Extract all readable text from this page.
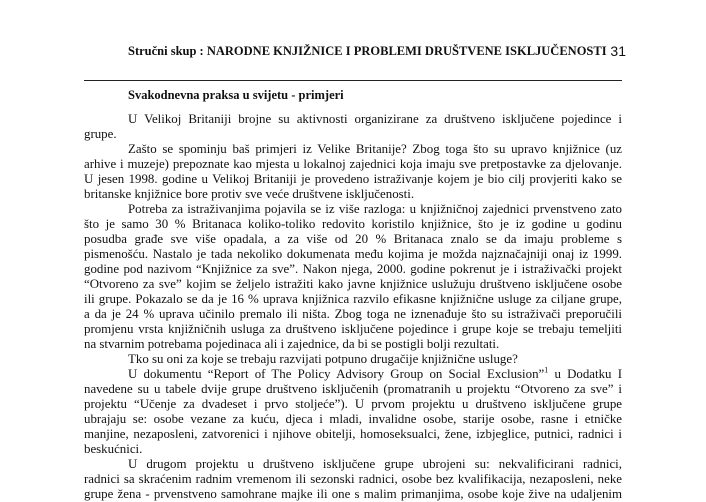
Stručni skup : NARODNE KNJIŽNICE I PROBLEMI DRUŠTVENE ISKLJUČENOSTI 31
Svakodnevna praksa u svijetu - primjeri
U Velikoj Britaniji brojne su aktivnosti organizirane za društveno isključene pojedince i
grupe.
Zašto se spominju baš primjeri iz Velike Britanije? Zbog toga što su upravo knjižnice (uz
arhive i muzeje) prepoznate kao mjesta u lokalnoj zajednici koja imaju sve pretpostavke za djelovanje.
U jesen 1998. godine u Velikoj Britaniji je provedeno istraživanje kojem je bio cilj provjeriti kako se
britanske knjižnice bore protiv sve veće društvene isključenosti.
Potreba za istraživanjima pojavila se iz više razloga: u knjižničnoj zajednici prvenstveno zato
što je samo 30 % Britanaca koliko-toliko redovito koristilo knjižnice, što je iz godine u godinu
posudba građe sve više opadala, a za više od 20 % Britanaca znalo se da imaju probleme s
pismenošću. Nastalo je tada nekoliko dokumenata među kojima je možda najznačajniji onaj iz 1999.
godine pod nazivom “Knjižnice za sve”. Nakon njega, 2000. godine pokrenut je i istraživački projekt
“Otvoreno za sve” kojim se željelo istražiti kako javne knjižnice uslužuju društveno isključene osobe
ili grupe. Pokazalo se da je 16 % uprava knjižnica razvilo efikasne knjižnične usluge za ciljane grupe,
a da je 24 % uprava učinilo premalo ili ništa. Zbog toga ne iznenađuje što su istraživači preporučili
promjenu vrsta knjižničnih usluga za društveno isključene pojedince i grupe koje se trebaju temeljiti
na stvarnim potrebama pojedinaca ali i zajednice, da bi se postigli bolji rezultati.
Tko su oni za koje se trebaju razvijati potpuno drugačije knjižnične usluge?
U dokumentu “Report of The Policy Advisory Group on Social Exclusion”$^1$ u Dodatku I
navedene su u tabele dvije grupe društveno isključenih (promatranih u projektu “Otvoreno za sve” i
projektu “Učenje za dvadeset i prvo stoljeće”). U prvom projektu u društveno isključene grupe
ubrajaju se: osobe vezane za kuću, djeca i mladi, invalidne osobe, starije osobe, rasne i etničke
manjine, nezaposleni, zatvorenici i njihove obitelji, homoseksualci, žene, izbjeglice, putnici, radnici i
beskućnici.
U drugom projektu u društveno isključene grupe ubrojeni su: nekvalificirani radnici,
radnici sa skraćenim radnim vremenom ili sezonski radnici, osobe bez kvalifikacija, nezaposleni, neke
grupe žena - prvenstveno samohrane majke ili one s malim primanjima, osobe koje žive na udaljenim
